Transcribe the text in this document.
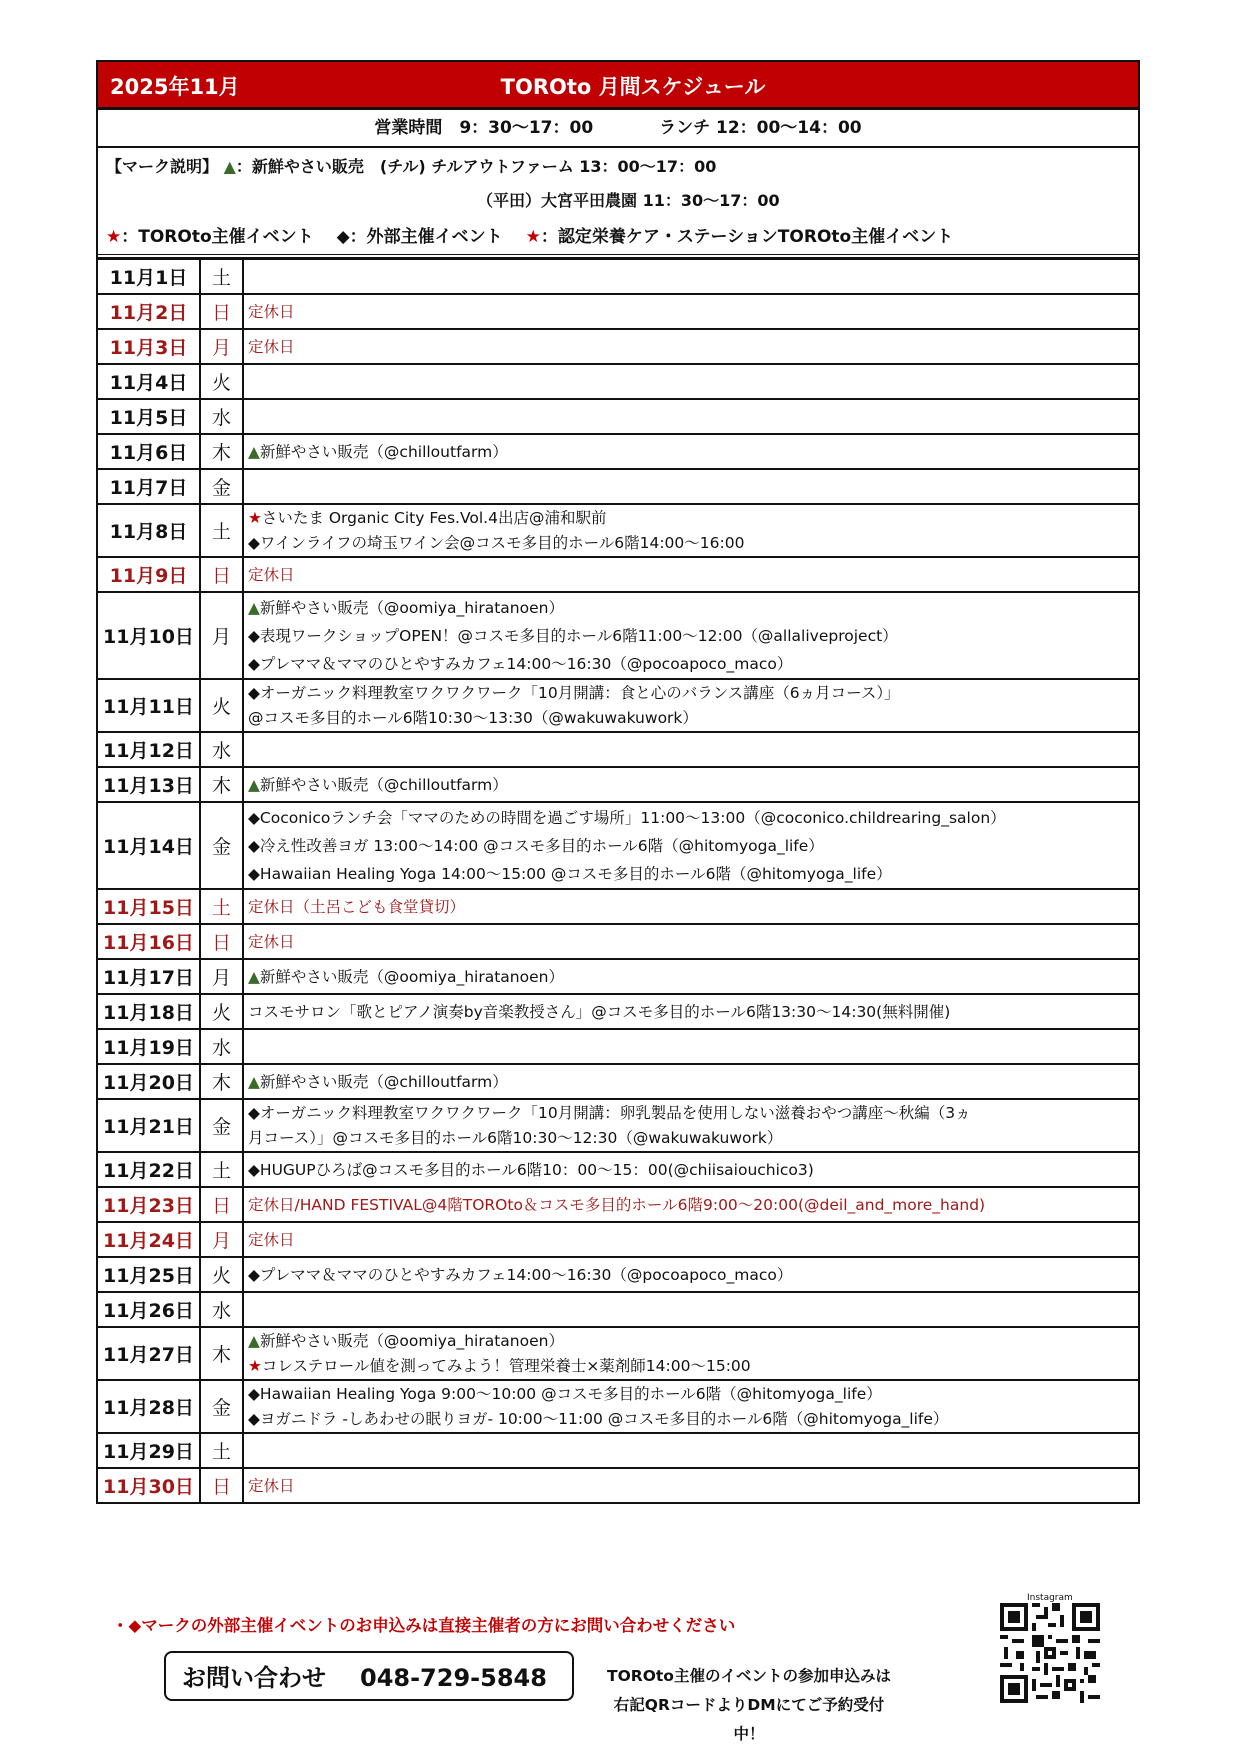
2025年11月	TOROto 月間スケジュール
営業時間　9：30～17：00	ランチ 12：00～14：00
【マーク説明】 ▲：新鮮やさい販売　(チル) チルアウトファーム 13：00～17：00
（平田）大宮平田農園 11：30～17：00
★：TOROto主催イベント　 ◆：外部主催イベント　 ★：認定栄養ケア・ステーションTOROto主催イベント
11月1日	土	
11月2日	日	定休日

11月3日	月	定休日

11月4日	火	
11月5日	水	
11月6日	木	▲新鮮やさい販売（@chilloutfarm）

11月7日	金	
11月8日	土	★さいたま Organic City Fes.Vol.4出店@浦和駅前
◆ワインライフの埼玉ワイン会@コスモ多目的ホール6階14:00～16:00

11月9日	日	定休日

11月10日	月	▲新鮮やさい販売（@oomiya_hiratanoen）
◆表現ワークショップOPEN！@コスモ多目的ホール6階11:00～12:00（@allaliveproject）
◆プレママ＆ママのひとやすみカフェ14:00～16:30（@pocoapoco_maco）

11月11日	火	◆オーガニック料理教室ワクワクワーク「10月開講：食と心のバランス講座（6ヵ月コース）」
@コスモ多目的ホール6階10:30～13:30（@wakuwakuwork）

11月12日	水	
11月13日	木	▲新鮮やさい販売（@chilloutfarm）

11月14日	金	◆Coconicoランチ会「ママのための時間を過ごす場所」11:00～13:00（@coconico.childrearing_salon）
◆冷え性改善ヨガ 13:00～14:00 @コスモ多目的ホール6階（@hitomyoga_life）
◆Hawaiian Healing Yoga 14:00～15:00 @コスモ多目的ホール6階（@hitomyoga_life）

11月15日	土	定休日（土呂こども食堂貸切）

11月16日	日	定休日

11月17日	月	▲新鮮やさい販売（@oomiya_hiratanoen）

11月18日	火	コスモサロン「歌とピアノ演奏by音楽教授さん」@コスモ多目的ホール6階13:30～14:30(無料開催)

11月19日	水	
11月20日	木	▲新鮮やさい販売（@chilloutfarm）

11月21日	金	◆オーガニック料理教室ワクワクワーク「10月開講：卵乳製品を使用しない滋養おやつ講座～秋編（3ヵ
月コース）」@コスモ多目的ホール6階10:30～12:30（@wakuwakuwork）

11月22日	土	◆HUGUPひろば@コスモ多目的ホール6階10：00～15：00(@chiisaiouchico3)

11月23日	日	定休日/HAND FESTIVAL@4階TOROto＆コスモ多目的ホール6階9:00～20:00(@deil_and_more_hand)

11月24日	月	定休日

11月25日	火	◆プレママ＆ママのひとやすみカフェ14:00～16:30（@pocoapoco_maco）

11月26日	水	
11月27日	木	▲新鮮やさい販売（@oomiya_hiratanoen）
★コレステロール値を測ってみよう！管理栄養士×薬剤師14:00～15:00

11月28日	金	◆Hawaiian Healing Yoga 9:00～10:00 @コスモ多目的ホール6階（@hitomyoga_life）
◆ヨガニドラ -しあわせの眠りヨガ- 10:00～11:00 @コスモ多目的ホール6階（@hitomyoga_life）

11月29日	土	
11月30日	日	定休日
・◆マークの外部主催イベントのお申込みは直接主催者の方にお問い合わせください
お問い合わせ 048-729-5848	TOROto主催のイベントの参加申込みは
右記QRコードよりDMにてご予約受付中！
Instagram
